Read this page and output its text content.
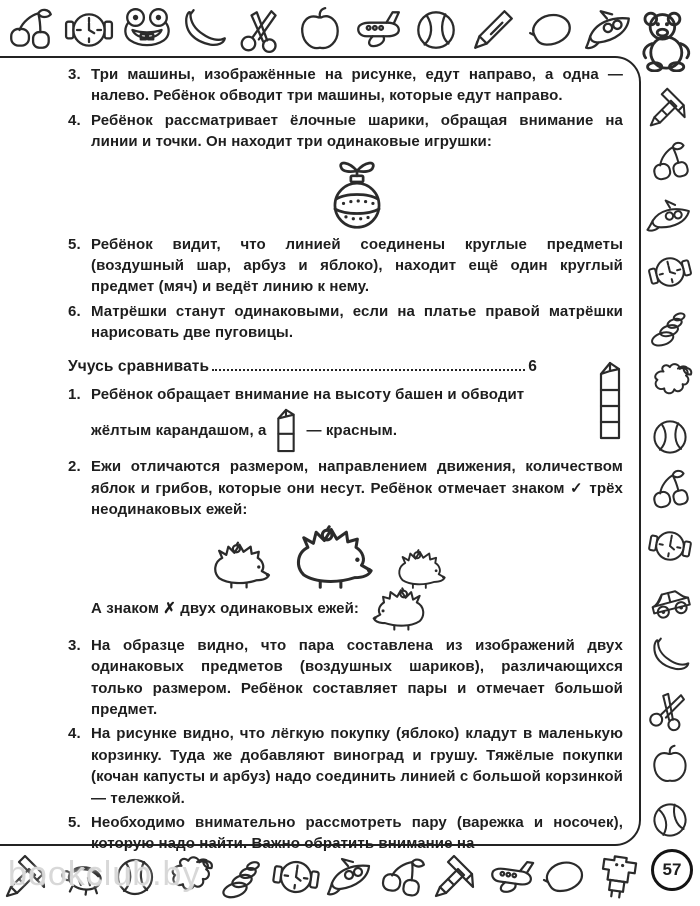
57
bookclub.by
3. Три машины, изображённые на рисунке, едут направо, а одна — налево. Ребёнок обводит три машины, которые едут направо.
4. Ребёнок рассматривает ёлочные шарики, обращая внимание на линии и точки. Он находит три одинаковые игрушки:
5. Ребёнок видит, что линией соединены круглые предметы (воздушный шар, арбуз и яблоко), находит ещё один круглый предмет (мяч) и ведёт линию к нему.
6. Матрёшки станут одинаковыми, если на платье правой матрёшки нарисовать две пуговицы.
Учусь сравнивать	6
1. Ребёнок обращает внимание на высоту башен и обводит
жёлтым карандашом, а	— красным.
2. Ежи отличаются размером, направлением движения, количеством яблок и грибов, которые они несут. Ребёнок отмечает знаком ✓ трёх неодинаковых ежей:
А знаком ✗ двух одинаковых ежей:
3. На образце видно, что пара составлена из изображений двух одинаковых предметов (воздушных шариков), различающихся только размером. Ребёнок составляет пары и отмечает большой предмет.
4. На рисунке видно, что лёгкую покупку (яблоко) кладут в маленькую корзинку. Туда же добавляют виноград и грушу. Тяжёлые покупки (кочан капусты и арбуз) надо соединить линией с большой корзинкой — тележкой.
5. Необходимо внимательно рассмотреть пару (варежка и носочек), которую надо найти. Важно обратить внимание на
